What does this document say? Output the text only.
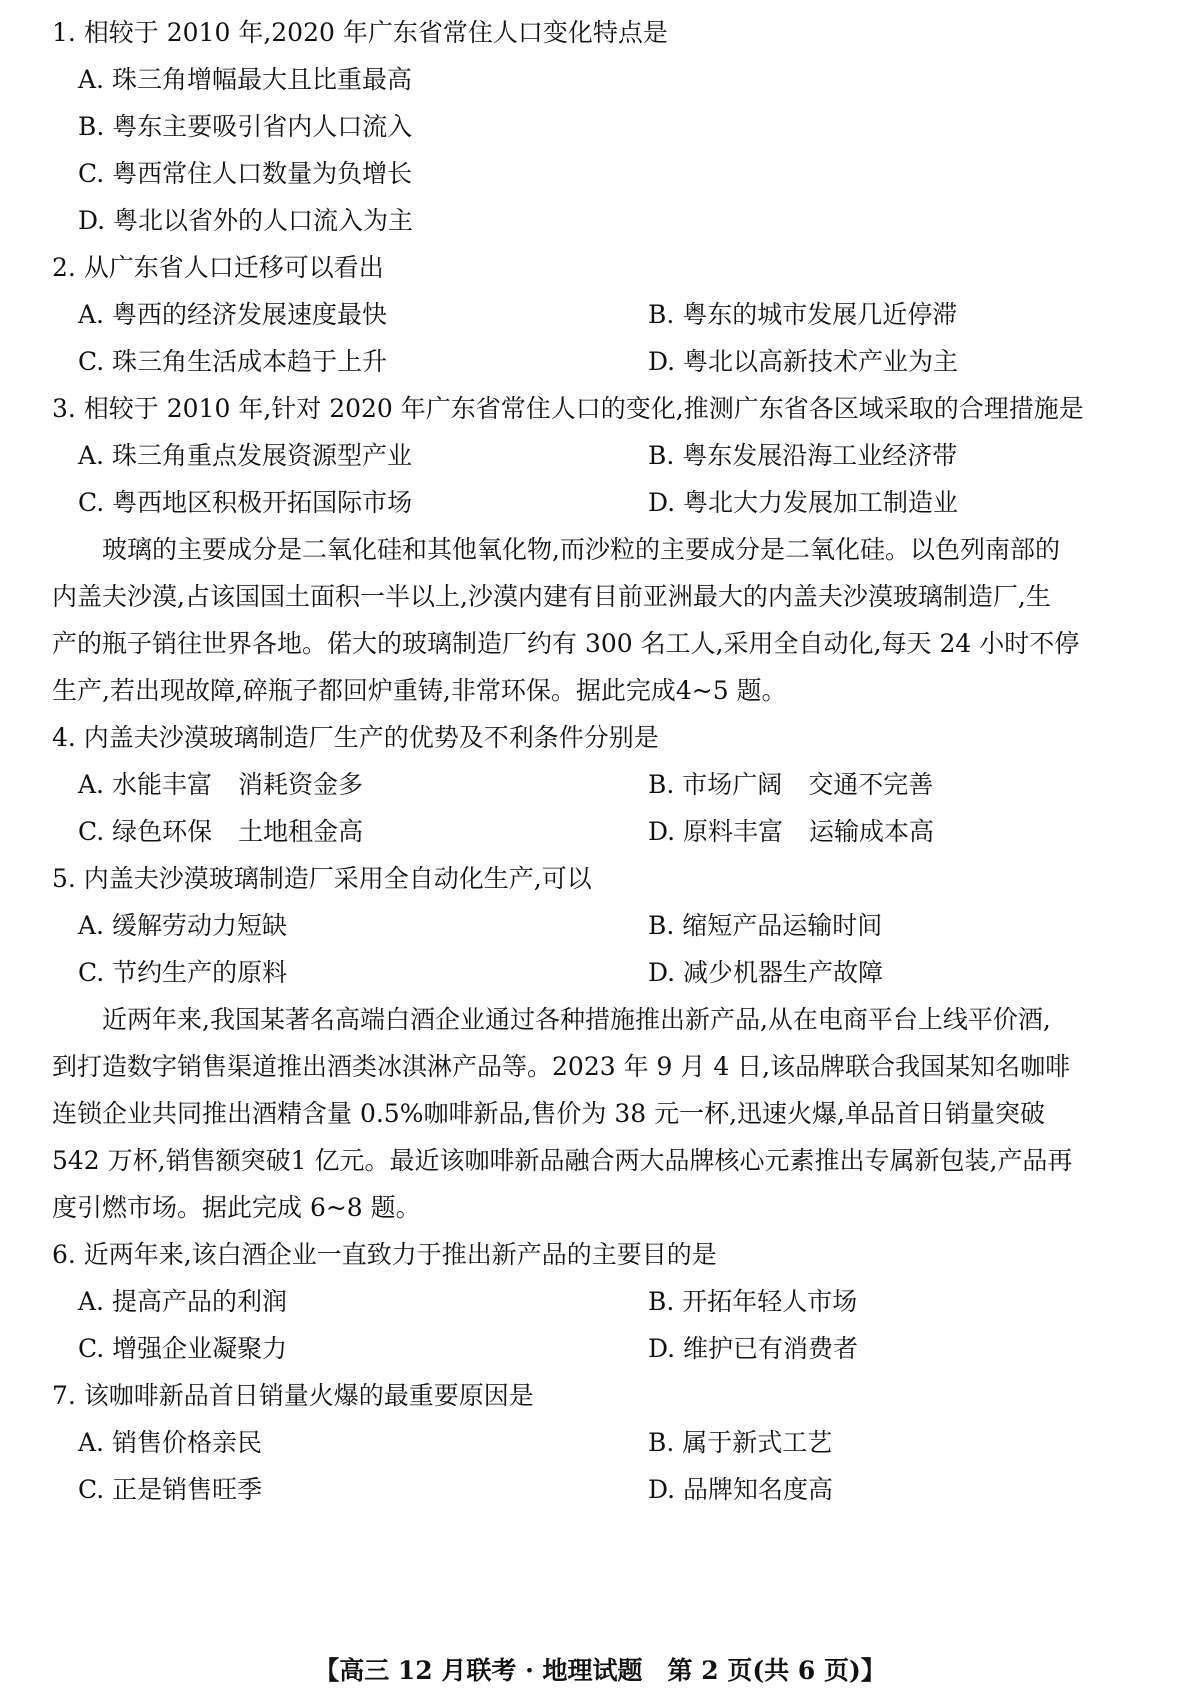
1. 相较于 2010 年,2020 年广东省常住人口变化特点是
A. 珠三角增幅最大且比重最高
B. 粤东主要吸引省内人口流入
C. 粤西常住人口数量为负增长
D. 粤北以省外的人口流入为主
2. 从广东省人口迁移可以看出
A. 粤西的经济发展速度最快	B. 粤东的城市发展几近停滞
C. 珠三角生活成本趋于上升	D. 粤北以高新技术产业为主
3. 相较于 2010 年,针对 2020 年广东省常住人口的变化,推测广东省各区域采取的合理措施是
A. 珠三角重点发展资源型产业	B. 粤东发展沿海工业经济带
C. 粤西地区积极开拓国际市场	D. 粤北大力发展加工制造业
玻璃的主要成分是二氧化硅和其他氧化物,而沙粒的主要成分是二氧化硅。以色列南部的
内盖夫沙漠,占该国国土面积一半以上,沙漠内建有目前亚洲最大的内盖夫沙漠玻璃制造厂,生
产的瓶子销往世界各地。偌大的玻璃制造厂约有 300 名工人,采用全自动化,每天 24 小时不停
生产,若出现故障,碎瓶子都回炉重铸,非常环保。据此完成4~5 题。
4. 内盖夫沙漠玻璃制造厂生产的优势及不利条件分别是
A. 水能丰富 消耗资金多	B. 市场广阔 交通不完善
C. 绿色环保 土地租金高	D. 原料丰富 运输成本高
5. 内盖夫沙漠玻璃制造厂采用全自动化生产,可以
A. 缓解劳动力短缺	B. 缩短产品运输时间
C. 节约生产的原料	D. 减少机器生产故障
近两年来,我国某著名高端白酒企业通过各种措施推出新产品,从在电商平台上线平价酒,
到打造数字销售渠道推出酒类冰淇淋产品等。2023 年 9 月 4 日,该品牌联合我国某知名咖啡
连锁企业共同推出酒精含量 0.5%咖啡新品,售价为 38 元一杯,迅速火爆,单品首日销量突破
542 万杯,销售额突破1 亿元。最近该咖啡新品融合两大品牌核心元素推出专属新包装,产品再
度引燃市场。据此完成 6~8 题。
6. 近两年来,该白酒企业一直致力于推出新产品的主要目的是
A. 提高产品的利润	B. 开拓年轻人市场
C. 增强企业凝聚力	D. 维护已有消费者
7. 该咖啡新品首日销量火爆的最重要原因是
A. 销售价格亲民	B. 属于新式工艺
C. 正是销售旺季	D. 品牌知名度高
【高三 12 月联考 · 地理试题　第 2 页(共 6 页)】
